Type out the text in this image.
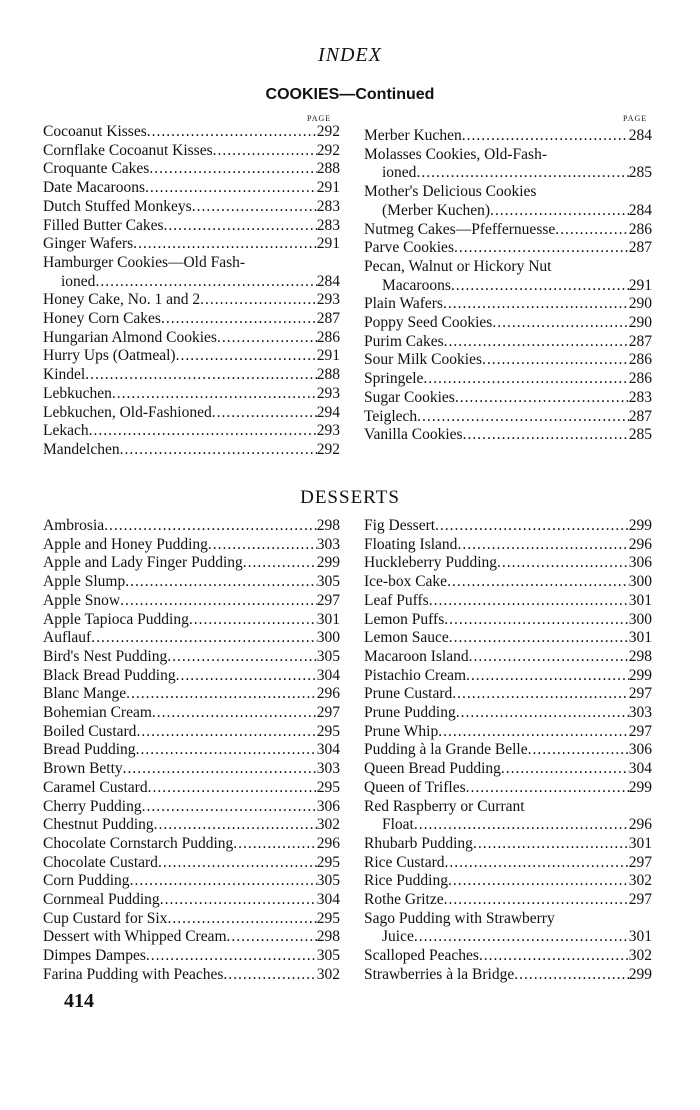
INDEX
COOKIES—Continued
PAGE	PAGE
Cocoanut Kisses .....	292
Cornflake Cocoanut Kisses .....	292
Croquante Cakes .....	288
Date Macaroons .....	291
Dutch Stuffed Monkeys .....	283
Filled Butter Cakes .....	283
Ginger Wafers .....	291
Hamburger Cookies—Old Fash-
ioned .....	284
Honey Cake, No. 1 and 2 .....	293
Honey Corn Cakes .....	287
Hungarian Almond Cookies .....	286
Hurry Ups (Oatmeal) .....	291
Kindel .....	288
Lebkuchen .....	293
Lebkuchen, Old-Fashioned .....	294
Lekach .....	293
Mandelchen .....	292
Merber Kuchen .....	284
Molasses Cookies, Old-Fash-
ioned .....	285
Mother's Delicious Cookies
(Merber Kuchen) .....	284
Nutmeg Cakes—Pfeffernuesse .....	286
Parve Cookies .....	287
Pecan, Walnut or Hickory Nut
Macaroons .....	291
Plain Wafers .....	290
Poppy Seed Cookies .....	290
Purim Cakes .....	287
Sour Milk Cookies .....	286
Springele .....	286
Sugar Cookies .....	283
Teiglech .....	287
Vanilla Cookies .....	285
DESSERTS
Ambrosia .....	298
Apple and Honey Pudding .....	303
Apple and Lady Finger Pudding .....	299
Apple Slump .....	305
Apple Snow .....	297
Apple Tapioca Pudding .....	301
Auflauf .....	300
Bird's Nest Pudding .....	305
Black Bread Pudding .....	304
Blanc Mange .....	296
Bohemian Cream .....	297
Boiled Custard .....	295
Bread Pudding .....	304
Brown Betty .....	303
Caramel Custard .....	295
Cherry Pudding .....	306
Chestnut Pudding .....	302
Chocolate Cornstarch Pudding .....	296
Chocolate Custard .....	295
Corn Pudding .....	305
Cornmeal Pudding .....	304
Cup Custard for Six .....	295
Dessert with Whipped Cream .....	298
Dimpes Dampes .....	305
Farina Pudding with Peaches .....	302
Fig Dessert .....	299
Floating Island .....	296
Huckleberry Pudding .....	306
Ice-box Cake .....	300
Leaf Puffs .....	301
Lemon Puffs .....	300
Lemon Sauce .....	301
Macaroon Island .....	298
Pistachio Cream .....	299
Prune Custard .....	297
Prune Pudding .....	303
Prune Whip .....	297
Pudding à la Grande Belle .....	306
Queen Bread Pudding .....	304
Queen of Trifles .....	299
Red Raspberry or Currant
Float .....	296
Rhubarb Pudding .....	301
Rice Custard .....	297
Rice Pudding .....	302
Rothe Gritze .....	297
Sago Pudding with Strawberry
Juice .....	301
Scalloped Peaches .....	302
Strawberries à la Bridge .....	299
414
